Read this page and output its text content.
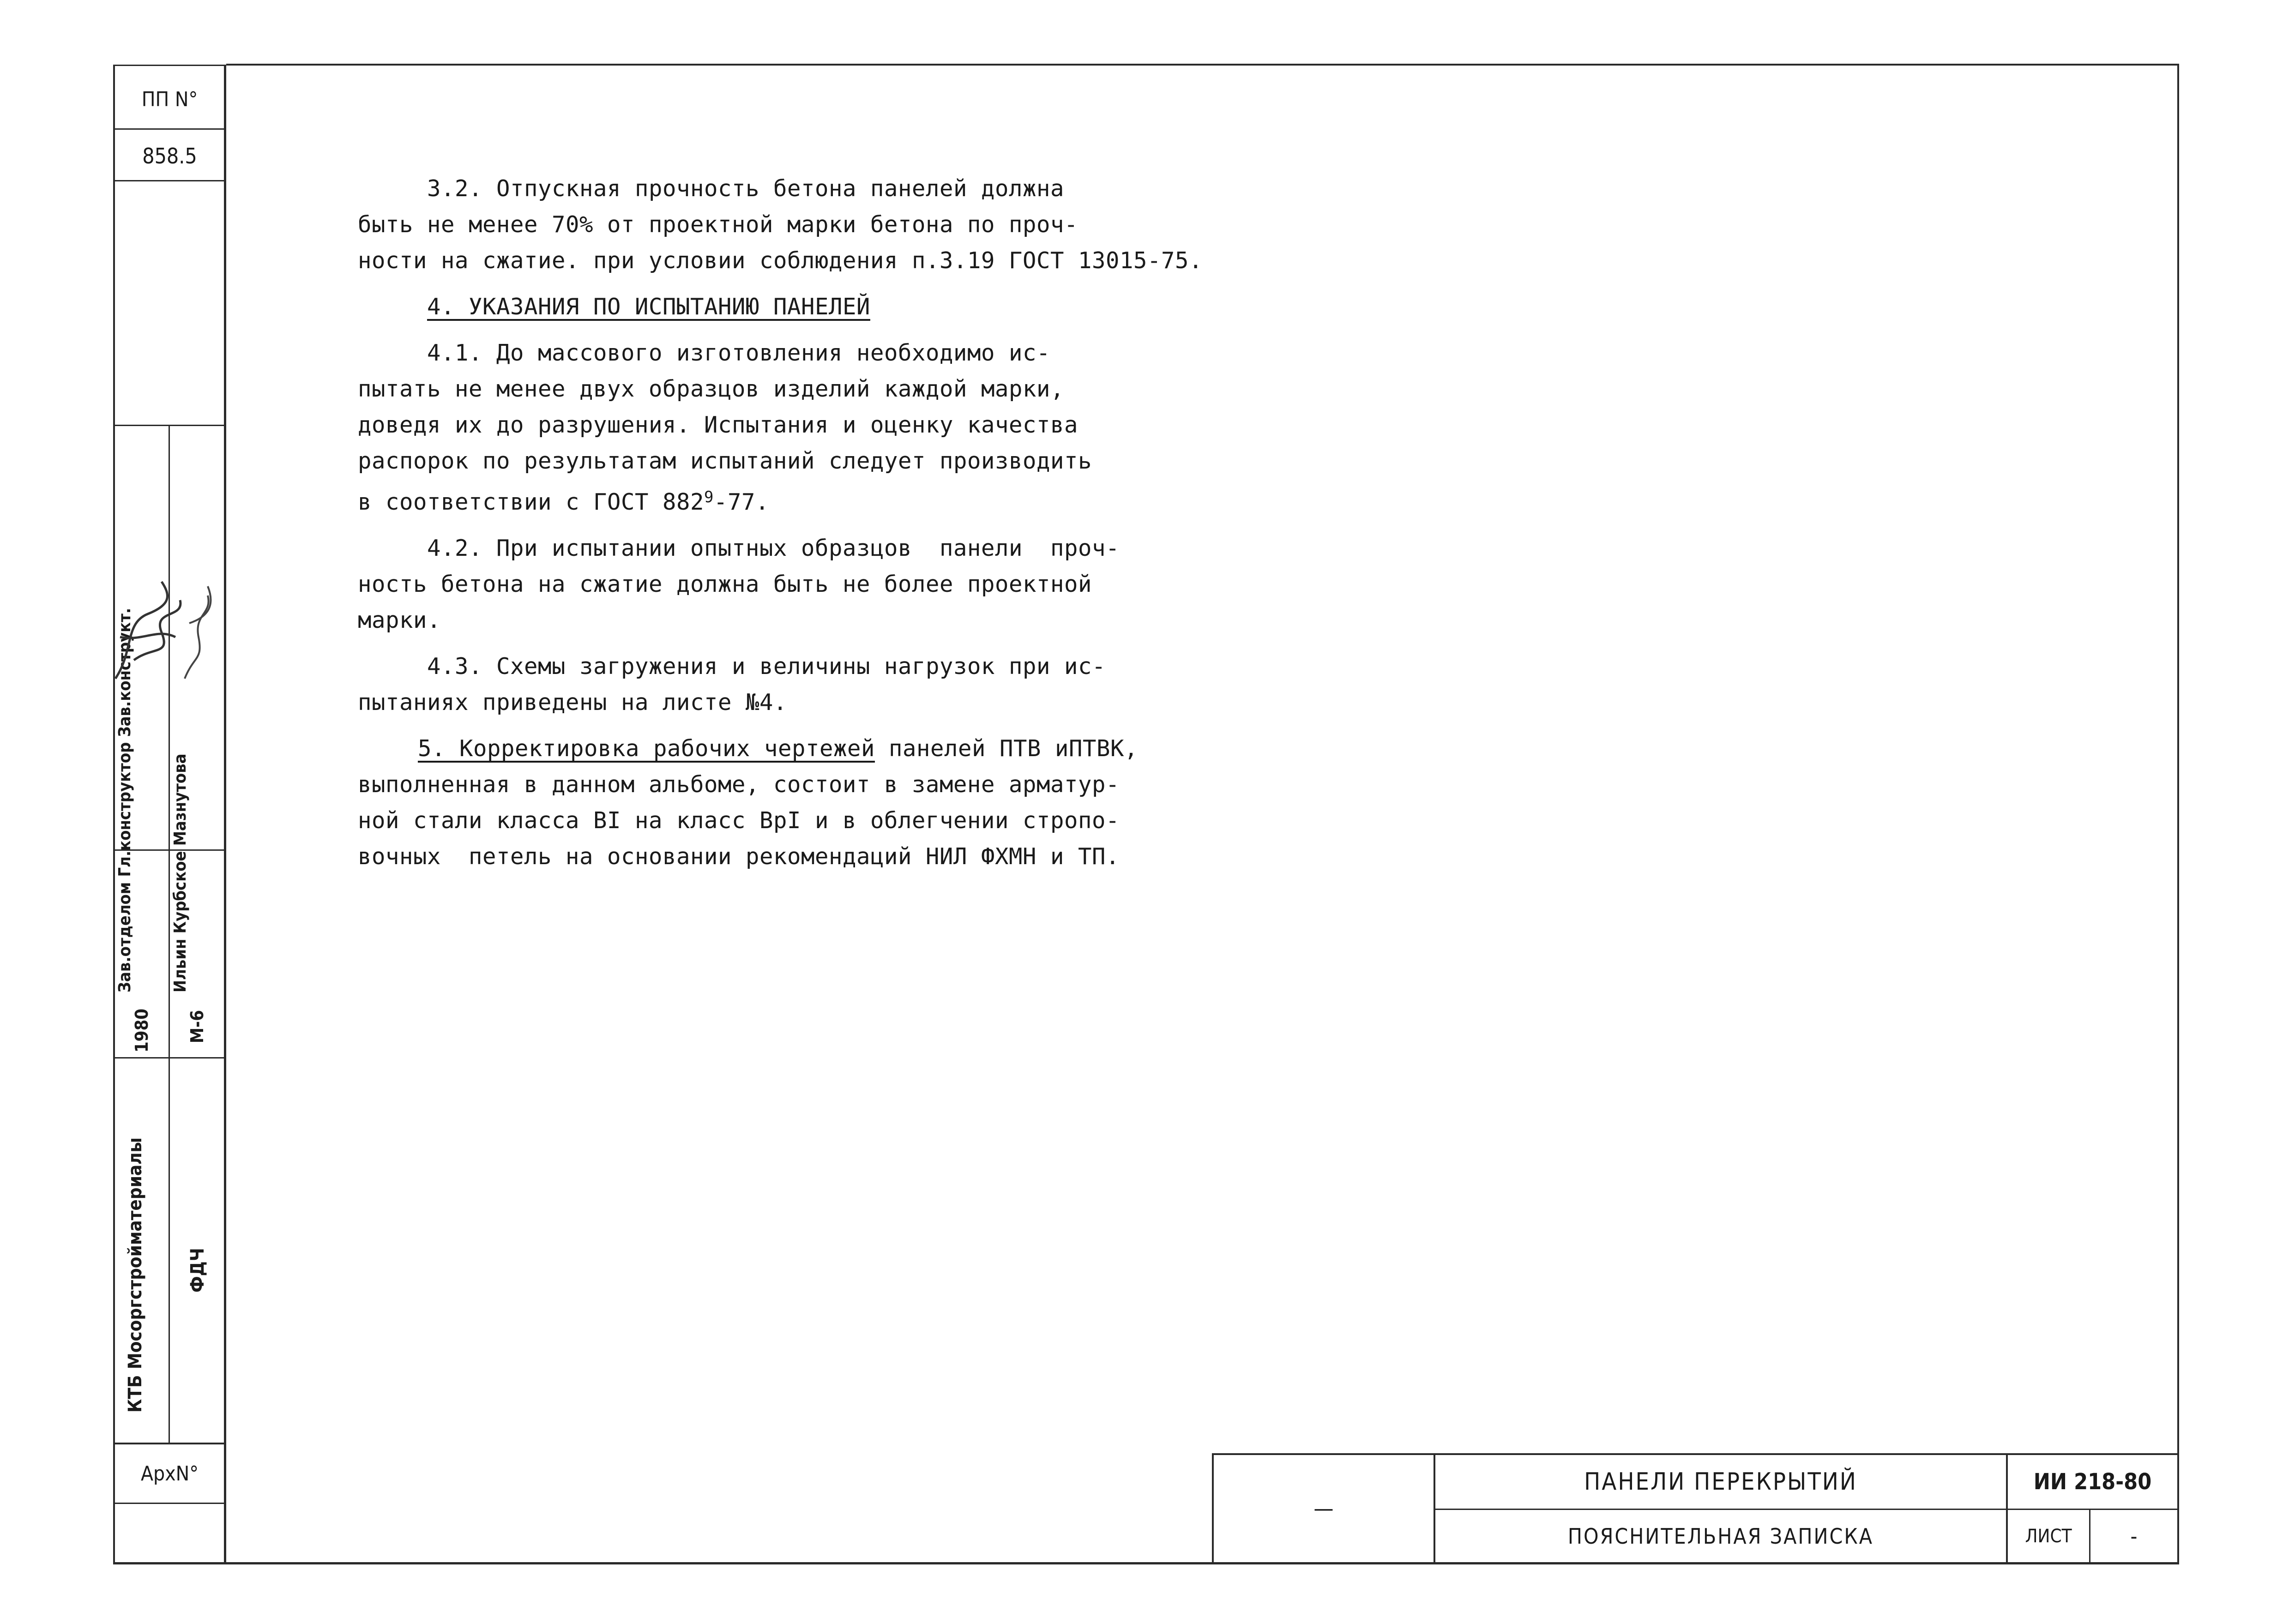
ПП N°
858.5
КТБ Мосоргстройматериалы ФДЧ
1980 М-6
Зав.отделом Гл.конструктор Зав.конструкт. Ильин Курбское Мазнутова
АрхN°
3.2. Отпускная прочность бетона панелей должна
быть не менее 70% от проектной марки бетона по проч-
ности на сжатие. при условии соблюдения п.3.19 ГОСТ 13015-75.
4. УКАЗАНИЯ ПО ИСПЫТАНИЮ ПАНЕЛЕЙ
4.1. До массового изготовления необходимо ис-
пытать не менее двух образцов изделий каждой марки,
доведя их до разрушения. Испытания и оценку качества
распорок по результатам испытаний следует производить
в соответствии с ГОСТ $882^9-77$.
4.2. При испытании опытных образцов  панели  проч-
ность бетона на сжатие должна быть не более проектной
марки.
4.3. Схемы загружения и величины нагрузок при ис-
пытаниях приведены на листе №4.
5. Корректировка рабочих чертежей панелей ПТВ иПТВК,
выполненная в данном альбоме, состоит в замене арматур-
ной стали класса BI на класс BpI и в облегчении стропо-
вочных  петель на основании рекомендаций НИЛ ФХМН и ТП.
—
ПАНЕЛИ ПЕРЕКРЫТИЙ
ПОЯСНИТЕЛЬНАЯ ЗАПИСКА
ИИ 218-80
ЛИСТ	-
